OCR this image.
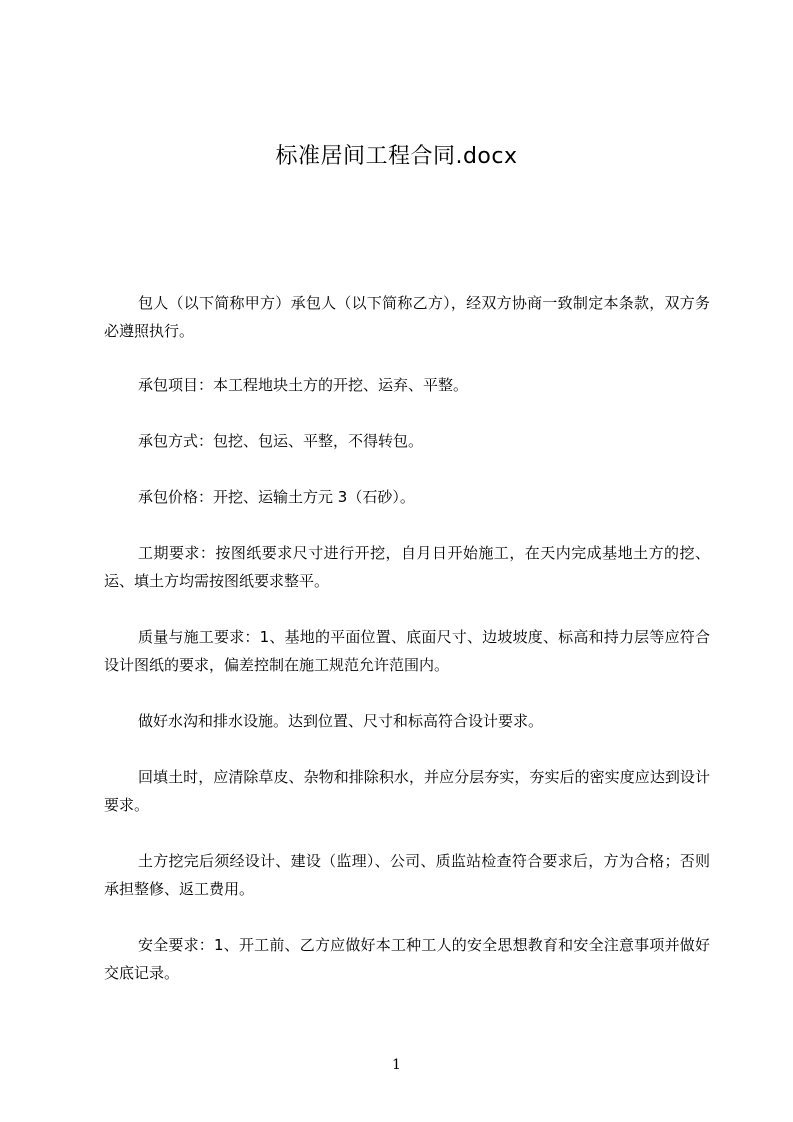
标准居间工程合同.docx

包人（以下简称甲方）承包人（以下简称乙方），经双方协商一致制定本条款，双方务必遵照执行。

承包项目：本工程地块土方的开挖、运弃、平整。

承包方式：包挖、包运、平整，不得转包。

承包价格：开挖、运输土方元 3（石砂）。

工期要求：按图纸要求尺寸进行开挖，自月日开始施工，在天内完成基地土方的挖、运、填土方均需按图纸要求整平。

质量与施工要求：1、基地的平面位置、底面尺寸、边坡坡度、标高和持力层等应符合设计图纸的要求，偏差控制在施工规范允许范围内。

做好水沟和排水设施。达到位置、尺寸和标高符合设计要求。

回填土时，应清除草皮、杂物和排除积水，并应分层夯实，夯实后的密实度应达到设计要求。

土方挖完后须经设计、建设（监理）、公司、质监站检查符合要求后，方为合格；否则承担整修、返工费用。

安全要求：1、开工前、乙方应做好本工种工人的安全思想教育和安全注意事项并做好交底记录。

1
